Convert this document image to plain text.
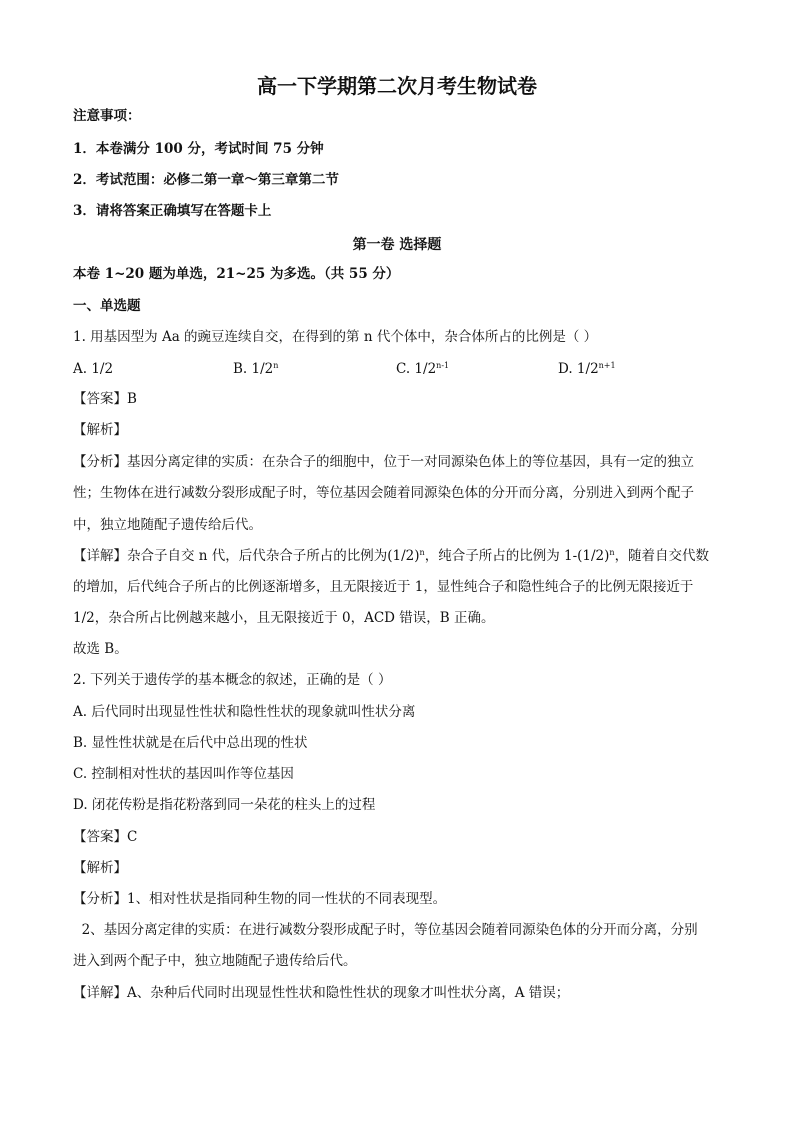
高一下学期第二次月考生物试卷
注意事项：
1．本卷满分 100 分，考试时间 75 分钟
2．考试范围：必修二第一章～第三章第二节
3．请将答案正确填写在答题卡上
第一卷 选择题
本卷 1~20 题为单选，21~25 为多选。（共 55 分）
一、单选题
1. 用基因型为 Aa 的豌豆连续自交，在得到的第 n 代个体中，杂合体所占的比例是（ ）
A. 1/2	B. 1/2$^n$	C. 1/2$^{n-1}$	D. $1/2^{n+1}$
【答案】B
【解析】
【分析】基因分离定律的实质：在杂合子的细胞中，位于一对同源染色体上的等位基因，具有一定的独立
性；生物体在进行减数分裂形成配子时，等位基因会随着同源染色体的分开而分离，分别进入到两个配子
中，独立地随配子遗传给后代。
【详解】杂合子自交 n 代，后代杂合子所占的比例为$(1/2)^n$，纯合子所占的比例为 $1-(1/2)^n$，随着自交代数
的增加，后代纯合子所占的比例逐渐增多，且无限接近于 1，显性纯合子和隐性纯合子的比例无限接近于
1/2，杂合所占比例越来越小，且无限接近于 0，ACD 错误，B 正确。
故选 B。
2. 下列关于遗传学的基本概念的叙述，正确的是（ ）
A. 后代同时出现显性性状和隐性性状的现象就叫性状分离
B. 显性性状就是在后代中总出现的性状
C. 控制相对性状的基因叫作等位基因
D. 闭花传粉是指花粉落到同一朵花的柱头上的过程
【答案】C
【解析】
【分析】1、相对性状是指同种生物的同一性状的不同表现型。
2、基因分离定律的实质：在进行减数分裂形成配子时，等位基因会随着同源染色体的分开而分离，分别
进入到两个配子中，独立地随配子遗传给后代。
【详解】A、杂种后代同时出现显性性状和隐性性状的现象才叫性状分离，A 错误；
